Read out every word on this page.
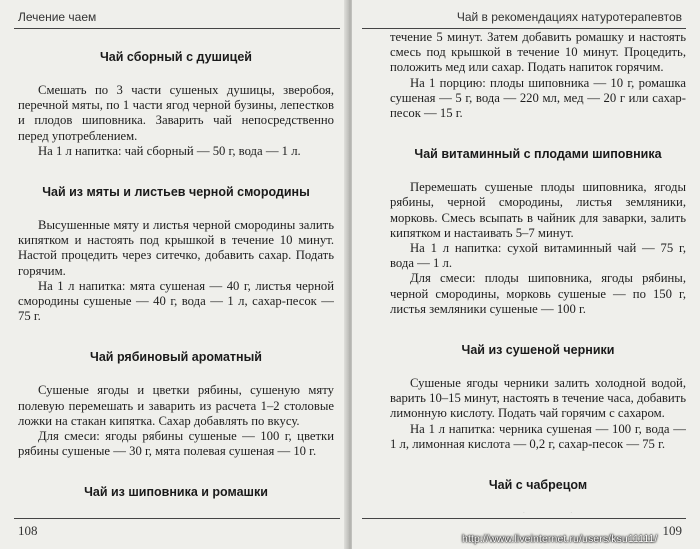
Лечение чаем
Чай сборный с душицей

Смешать по 3 части сушеных душицы, зверобоя, перечной мяты, по 1 части ягод черной бузины, лепестков и плодов шиповника. Заварить чай непосредственно перед употреблением.

На 1 л напитка: чай сборный — 50 г, вода — 1 л.

Чай из мяты и листьев черной смородины

Высушенные мяту и листья черной смородины залить кипятком и настоять под крышкой в течение 10 минут. Настой процедить через ситечко, добавить сахар. Подать горячим.

На 1 л напитка: мята сушеная — 40 г, листья черной смородины сушеные — 40 г, вода — 1 л, сахар-песок — 75 г.

Чай рябиновый ароматный

Сушеные ягоды и цветки рябины, сушеную мяту полевую перемешать и заварить из расчета 1–2 столовые ложки на стакан кипятка. Сахар добавлять по вкусу.

Для смеси: ягоды рябины сушеные — 100 г, цветки рябины сушеные — 30 г, мята полевая сушеная — 10 г.

Чай из шиповника и ромашки

108
Чай в рекомендациях натуротерапевтов

течение 5 минут. Затем добавить ромашку и настоять смесь под крышкой в течение 10 минут. Процедить, положить мед или сахар. Подать напиток горячим.

На 1 порцию: плоды шиповника — 10 г, ромашка сушеная — 5 г, вода — 220 мл, мед — 20 г или сахар-песок — 15 г.

Чай витаминный с плодами шиповника

Перемешать сушеные плоды шиповника, ягоды рябины, черной смородины, листья земляники, морковь. Смесь всыпать в чайник для заварки, залить кипятком и настаивать 5–7 минут.

На 1 л напитка: сухой витаминный чай — 75 г, вода — 1 л.

Для смеси: плоды шиповника, ягоды рябины, черной смородины, морковь сушеные — по 150 г, листья земляники сушеные — 100 г.

Чай из сушеной черники

Сушеные ягоды черники залить холодной водой, варить 10–15 минут, настоять в течение часа, добавить лимонную кислоту. Подать чай горячим с сахаром.

На 1 л напитка: черника сушеная — 100 г, вода — 1 л, лимонная кислота — 0,2 г, сахар-песок — 75 г.

Чай с чабрецом

109
http://www.liveinternet.ru/users/ksu11111/
